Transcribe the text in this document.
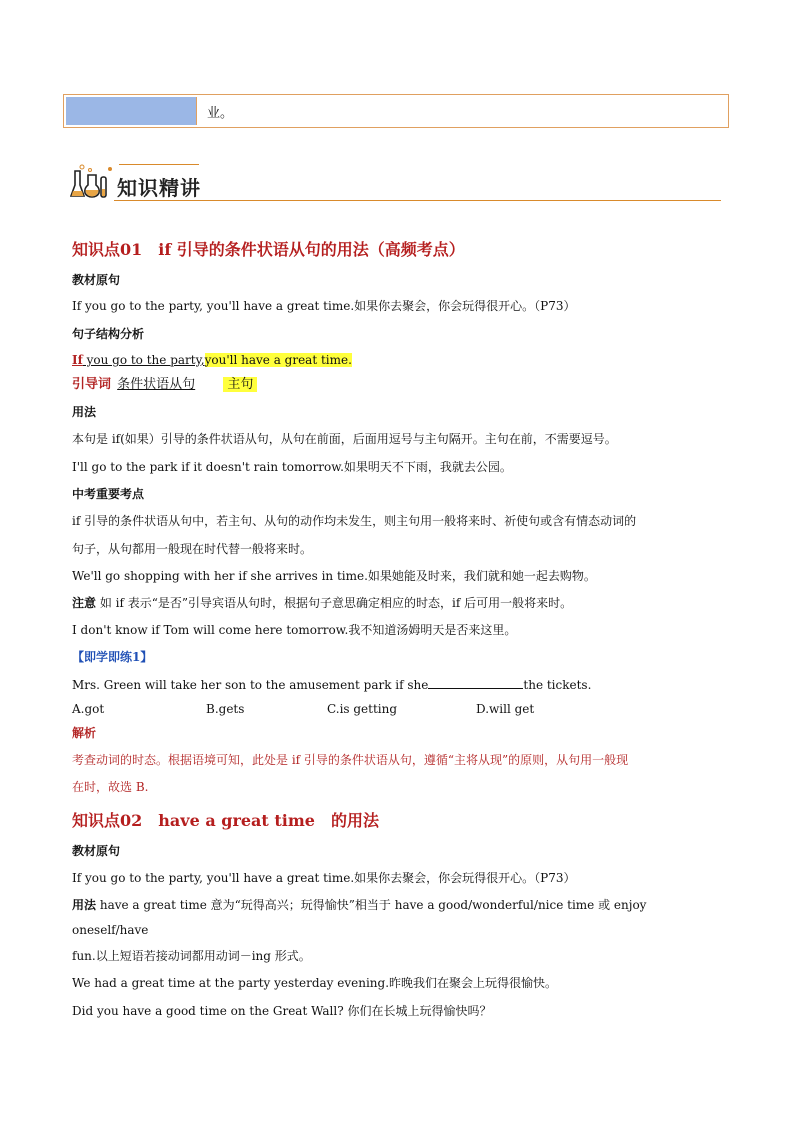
业。
知识精讲
知识点01　if 引导的条件状语从句的用法（高频考点）
教材原句
If you go to the party, you'll have a great time.如果你去聚会，你会玩得很开心。（P73）
句子结构分析
If you go to the party,you'll have a great time.
引导词 条件状语从句 主句
用法
本句是 if(如果）引导的条件状语从句，从句在前面，后面用逗号与主句隔开。主句在前，不需要逗号。
I'll go to the park if it doesn't rain tomorrow.如果明天不下雨，我就去公园。
中考重要考点
if 引导的条件状语从句中，若主句、从句的动作均未发生，则主句用一般将来时、祈使句或含有情态动词的
句子，从句都用一般现在时代替一般将来时。
We'll go shopping with her if she arrives in time.如果她能及时来，我们就和她一起去购物。
注意 如 if 表示“是否”引导宾语从句时，根据句子意思确定相应的时态，if 后可用一般将来时。
I don't know if Tom will come here tomorrow.我不知道汤姆明天是否来这里。
【即学即练1】
Mrs. Green will take her son to the amusement park if she	the tickets.
A.got	B.gets	C.is getting	D.will get
解析
考查动词的时态。根据语境可知，此处是 if 引导的条件状语从句，遵循“主将从现”的原则，从句用一般现
在时，故选 B.
知识点02　have a great time　的用法
教材原句
If you go to the party, you'll have a great time.如果你去聚会，你会玩得很开心。（P73）
用法 have a great time 意为“玩得高兴；玩得愉快”相当于 have a good/wonderful/nice time 或 enjoy
oneself/have
fun.以上短语若接动词都用动词－ing 形式。
We had a great time at the party yesterday evening.昨晚我们在聚会上玩得很愉快。
Did you have a good time on the Great Wall? 你们在长城上玩得愉快吗？
